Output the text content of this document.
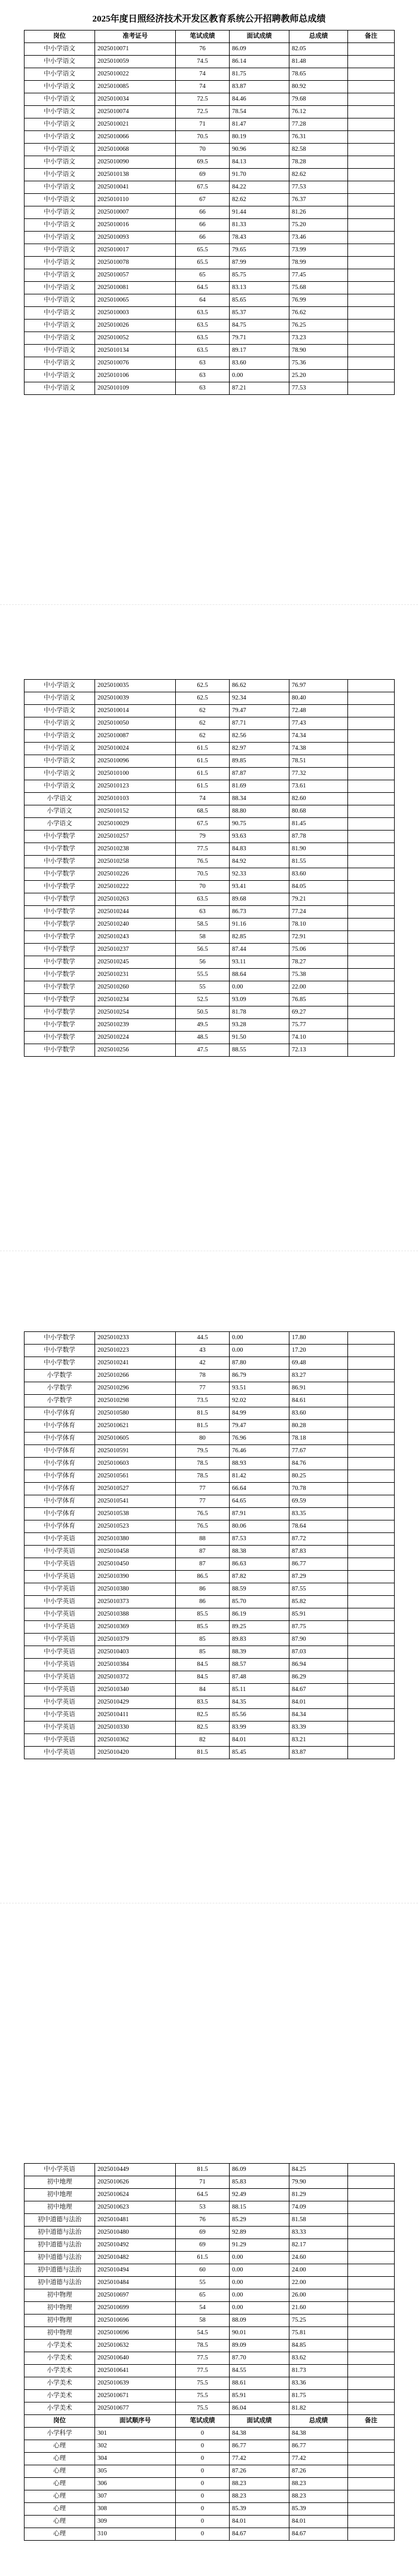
2025年度日照经济技术开发区教育系统公开招聘教师总成绩
岗位	准考证号	笔试成绩	面试成绩	总成绩	备注
中小学语文	2025010071	76	86.09	82.05	
中小学语文	2025010059	74.5	86.14	81.48	
中小学语文	2025010022	74	81.75	78.65	
中小学语文	2025010085	74	83.87	80.92	
中小学语文	2025010034	72.5	84.46	79.68	
中小学语文	2025010074	72.5	78.54	76.12	
中小学语文	2025010021	71	81.47	77.28	
中小学语文	2025010066	70.5	80.19	76.31	
中小学语文	2025010068	70	90.96	82.58	
中小学语文	2025010090	69.5	84.13	78.28	
中小学语文	2025010138	69	91.70	82.62	
中小学语文	2025010041	67.5	84.22	77.53	
中小学语文	2025010110	67	82.62	76.37	
中小学语文	2025010007	66	91.44	81.26	
中小学语文	2025010016	66	81.33	75.20	
中小学语文	2025010093	66	78.43	73.46	
中小学语文	2025010017	65.5	79.65	73.99	
中小学语文	2025010078	65.5	87.99	78.99	
中小学语文	2025010057	65	85.75	77.45	
中小学语文	2025010081	64.5	83.13	75.68	
中小学语文	2025010065	64	85.65	76.99	
中小学语文	2025010003	63.5	85.37	76.62	
中小学语文	2025010026	63.5	84.75	76.25	
中小学语文	2025010052	63.5	79.71	73.23	
中小学语文	2025010134	63.5	89.17	78.90	
中小学语文	2025010076	63	83.60	75.36	
中小学语文	2025010106	63	0.00	25.20	
中小学语文	2025010109	63	87.21	77.53	
中小学语文	2025010035	62.5	86.62	76.97	
中小学语文	2025010039	62.5	92.34	80.40	
中小学语文	2025010014	62	79.47	72.48	
中小学语文	2025010050	62	87.71	77.43	
中小学语文	2025010087	62	82.56	74.34	
中小学语文	2025010024	61.5	82.97	74.38	
中小学语文	2025010096	61.5	89.85	78.51	
中小学语文	2025010100	61.5	87.87	77.32	
中小学语文	2025010123	61.5	81.69	73.61	
小学语文	2025010103	74	88.34	82.60	
小学语文	2025010152	68.5	88.80	80.68	
小学语文	2025010029	67.5	90.75	81.45	
中小学数学	2025010257	79	93.63	87.78	
中小学数学	2025010238	77.5	84.83	81.90	
中小学数学	2025010258	76.5	84.92	81.55	
中小学数学	2025010226	70.5	92.33	83.60	
中小学数学	2025010222	70	93.41	84.05	
中小学数学	2025010263	63.5	89.68	79.21	
中小学数学	2025010244	63	86.73	77.24	
中小学数学	2025010240	58.5	91.16	78.10	
中小学数学	2025010243	58	82.85	72.91	
中小学数学	2025010237	56.5	87.44	75.06	
中小学数学	2025010245	56	93.11	78.27	
中小学数学	2025010231	55.5	88.64	75.38	
中小学数学	2025010260	55	0.00	22.00	
中小学数学	2025010234	52.5	93.09	76.85	
中小学数学	2025010254	50.5	81.78	69.27	
中小学数学	2025010239	49.5	93.28	75.77	
中小学数学	2025010224	48.5	91.50	74.10	
中小学数学	2025010256	47.5	88.55	72.13	
中小学数学	2025010233	44.5	0.00	17.80	
中小学数学	2025010223	43	0.00	17.20	
中小学数学	2025010241	42	87.80	69.48	
小学数学	2025010266	78	86.79	83.27	
小学数学	2025010296	77	93.51	86.91	
小学数学	2025010298	73.5	92.02	84.61	
中小学体育	2025010580	81.5	84.99	83.60	
中小学体育	2025010621	81.5	79.47	80.28	
中小学体育	2025010605	80	76.96	78.18	
中小学体育	2025010591	79.5	76.46	77.67	
中小学体育	2025010603	78.5	88.93	84.76	
中小学体育	2025010561	78.5	81.42	80.25	
中小学体育	2025010527	77	66.64	70.78	
中小学体育	2025010541	77	64.65	69.59	
中小学体育	2025010538	76.5	87.91	83.35	
中小学体育	2025010523	76.5	80.06	78.64	
中小学英语	2025010380	88	87.53	87.72	
中小学英语	2025010458	87	88.38	87.83	
中小学英语	2025010450	87	86.63	86.77	
中小学英语	2025010390	86.5	87.82	87.29	
中小学英语	2025010380	86	88.59	87.55	
中小学英语	2025010373	86	85.70	85.82	
中小学英语	2025010388	85.5	86.19	85.91	
中小学英语	2025010369	85.5	89.25	87.75	
中小学英语	2025010379	85	89.83	87.90	
中小学英语	2025010403	85	88.39	87.03	
中小学英语	2025010384	84.5	88.57	86.94	
中小学英语	2025010372	84.5	87.48	86.29	
中小学英语	2025010340	84	85.11	84.67	
中小学英语	2025010429	83.5	84.35	84.01	
中小学英语	2025010411	82.5	85.56	84.34	
中小学英语	2025010330	82.5	83.99	83.39	
中小学英语	2025010362	82	84.01	83.21	
中小学英语	2025010420	81.5	85.45	83.87	
中小学英语	2025010449	81.5	86.09	84.25	
初中地理	2025010626	71	85.83	79.90	
初中地理	2025010624	64.5	92.49	81.29	
初中地理	2025010623	53	88.15	74.09	
初中道德与法治	2025010481	76	85.29	81.58	
初中道德与法治	2025010480	69	92.89	83.33	
初中道德与法治	2025010492	69	91.29	82.17	
初中道德与法治	2025010482	61.5	0.00	24.60	
初中道德与法治	2025010494	60	0.00	24.00	
初中道德与法治	2025010484	55	0.00	22.00	
初中物理	2025010697	65	0.00	26.00	
初中物理	2025010699	54	0.00	21.60	
初中物理	2025010696	58	88.09	75.25	
初中物理	2025010696	54.5	90.01	75.81	
小学美术	2025010632	78.5	89.09	84.85	
小学美术	2025010640	77.5	87.70	83.62	
小学美术	2025010641	77.5	84.55	81.73	
小学美术	2025010639	75.5	88.61	83.36	
小学美术	2025010671	75.5	85.91	81.75	
小学美术	2025010677	75.5	86.04	81.82	
岗位	面试顺序号	笔试成绩	面试成绩	总成绩	备注
小学科学	301	0	84.38	84.38	
心理	302	0	86.77	86.77	
心理	304	0	77.42	77.42	
心理	305	0	87.26	87.26	
心理	306	0	88.23	88.23	
心理	307	0	88.23	88.23	
心理	308	0	85.39	85.39	
心理	309	0	84.01	84.01	
心理	310	0	84.67	84.67	
